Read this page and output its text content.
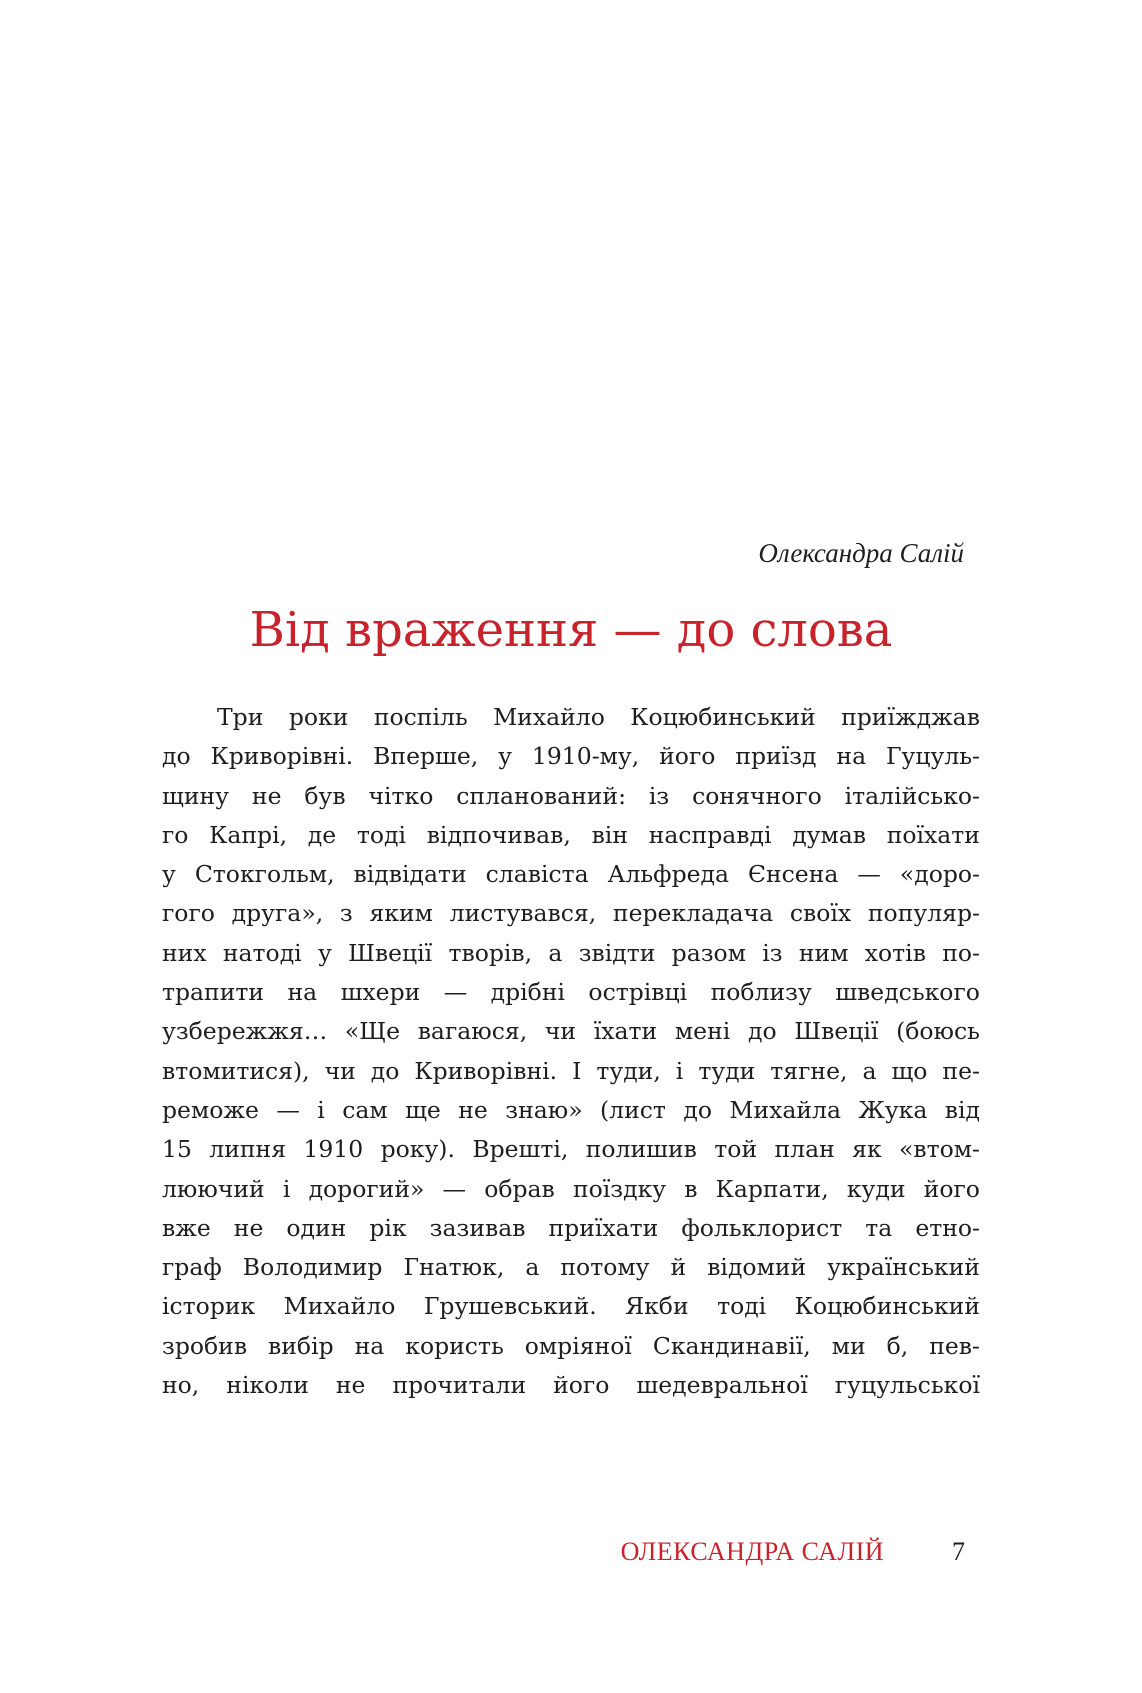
Олександра Салій
Від враження — до слова
Три роки поспіль Михайло Коцюбинський приїжджав
до Криворівні. Вперше, у 1910-му, його приїзд на Гуцуль-
щину не був чітко спланований: із сонячного італійсько-
го Капрі, де тоді відпочивав, він насправді думав поїхати
у Стокгольм, відвідати славіста Альфреда Єнсена — «доро-
гого друга», з яким листувався, перекладача своїх популяр-
них натоді у Швеції творів, а звідти разом із ним хотів по-
трапити на шхери — дрібні острівці поблизу шведського
узбережжя… «Ще вагаюся, чи їхати мені до Швеції (боюсь
втомитися), чи до Криворівні. І туди, і туди тягне, а що пе-
реможе — і сам ще не знаю» (лист до Михайла Жука від
15 липня 1910 року). Врешті, полишив той план як «втом-
люючий і дорогий» — обрав поїздку в Карпати, куди його
вже не один рік зазивав приїхати фольклорист та етно-
граф Володимир Гнатюк, а потому й відомий український
історик Михайло Грушевський. Якби тоді Коцюбинський
зробив вибір на користь омріяної Скандинавії, ми б, пев-
но, ніколи не прочитали його шедевральної гуцульської
ОЛЕКСАНДРА САЛІЙ	7
